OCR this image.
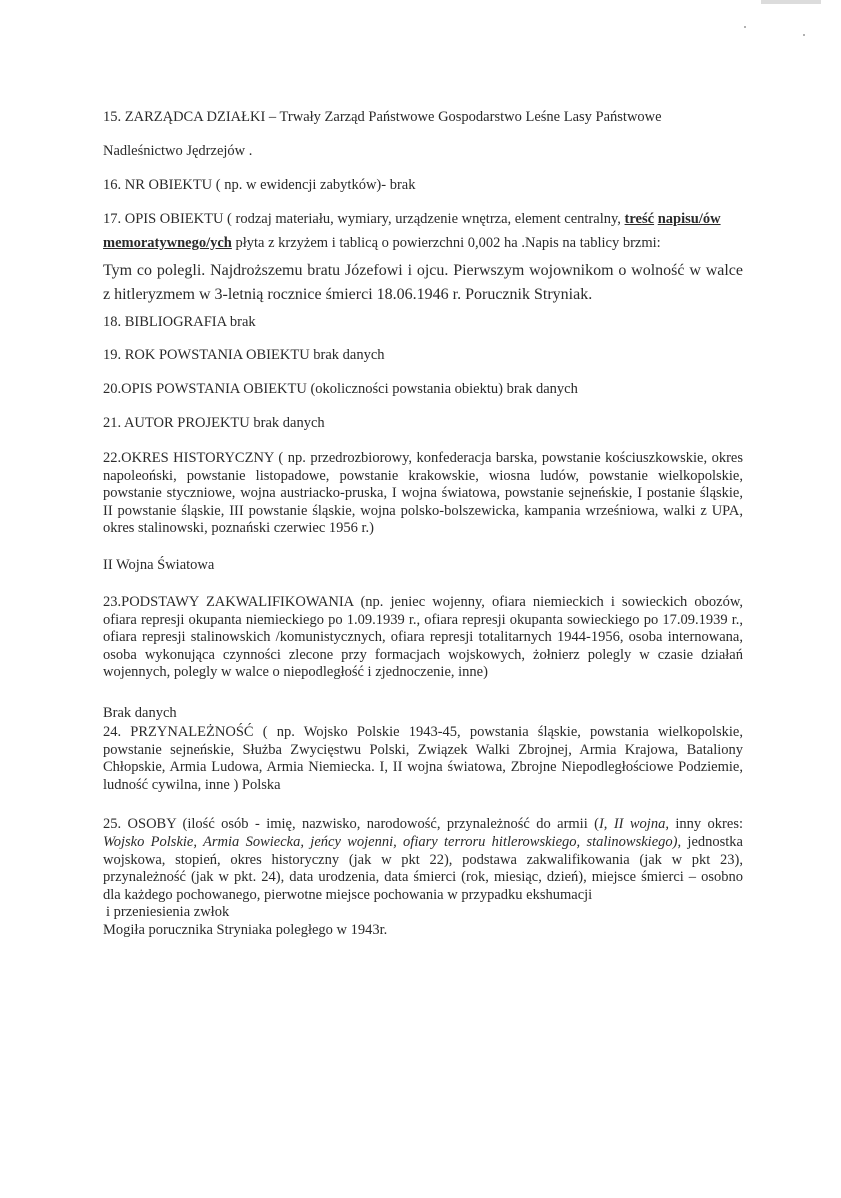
15. ZARZĄDCA DZIAŁKI – Trwały Zarząd Państwowe Gospodarstwo Leśne Lasy Państwowe

Nadleśnictwo Jędrzejów .

16. NR OBIEKTU ( np. w ewidencji zabytków)- brak

17. OPIS OBIEKTU ( rodzaj materiału, wymiary, urządzenie wnętrza, element centralny, treść napisu/ów memoratywnego/ych płyta z krzyżem i tablicą o powierzchni 0,002 ha .Napis na tablicy brzmi:

Tym co polegli. Najdroższemu bratu Józefowi i ojcu. Pierwszym wojownikom o wolność w walce z hitleryzmem w 3-letnią rocznice śmierci 18.06.1946 r. Porucznik Stryniak.

18. BIBLIOGRAFIA brak

19. ROK POWSTANIA OBIEKTU brak danych

20.OPIS POWSTANIA OBIEKTU (okoliczności powstania obiektu) brak danych

21. AUTOR PROJEKTU brak danych

22.OKRES HISTORYCZNY ( np. przedrozbiorowy, konfederacja barska, powstanie kościuszkowskie, okres napoleoński, powstanie listopadowe, powstanie krakowskie, wiosna ludów, powstanie wielkopolskie, powstanie styczniowe, wojna austriacko-pruska, I wojna światowa, powstanie sejneńskie, I postanie śląskie, II powstanie śląskie, III powstanie śląskie, wojna polsko-bolszewicka, kampania wrześniowa, walki z UPA, okres stalinowski, poznański czerwiec 1956 r.)

II Wojna Światowa

23.PODSTAWY ZAKWALIFIKOWANIA (np. jeniec wojenny, ofiara niemieckich i sowieckich obozów, ofiara represji okupanta niemieckiego po 1.09.1939 r., ofiara represji okupanta sowieckiego po 17.09.1939 r., ofiara represji stalinowskich /komunistycznych, ofiara represji totalitarnych 1944-1956, osoba internowana, osoba wykonująca czynności zlecone przy formacjach wojskowych, żołnierz polegly w czasie działań wojennych, polegly w walce o niepodległość i zjednoczenie, inne)

Brak danych

24. PRZYNALEŻNOŚĆ ( np. Wojsko Polskie 1943-45, powstania śląskie, powstania wielkopolskie, powstanie sejneńskie, Służba Zwycięstwu Polski, Związek Walki Zbrojnej, Armia Krajowa, Bataliony Chłopskie, Armia Ludowa, Armia Niemiecka. I, II wojna światowa, Zbrojne Niepodległościowe Podziemie, ludność cywilna, inne ) Polska

25. OSOBY (ilość osób - imię, nazwisko, narodowość, przynależność do armii (I, II wojna, inny okres: Wojsko Polskie, Armia Sowiecka, jeńcy wojenni, ofiary terroru hitlerowskiego, stalinowskiego), jednostka wojskowa, stopień, okres historyczny (jak w pkt 22), podstawa zakwalifikowania (jak w pkt 23), przynależność (jak w pkt. 24), data urodzenia, data śmierci (rok, miesiąc, dzień), miejsce śmierci – osobno dla każdego pochowanego, pierwotne miejsce pochowania w przypadku ekshumacji

i przeniesienia zwłok

Mogiła porucznika Stryniaka poległego w 1943r.
